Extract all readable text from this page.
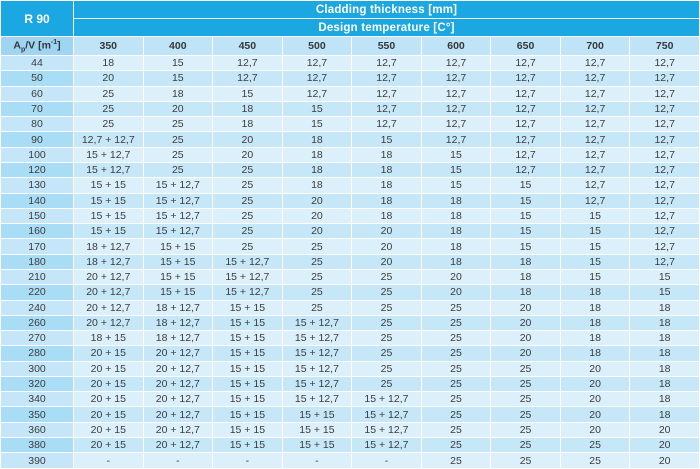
R 90	Cladding thickness [mm]								
	Design temperature [C°]								
$A_p/V$ $[m^{-1}]$	350	400	450	500	550	600	650	700	750
44	18	15	12,7	12,7	12,7	12,7	12,7	12,7	12,7
50	20	15	12,7	12,7	12,7	12,7	12,7	12,7	12,7
60	25	18	15	12,7	12,7	12,7	12,7	12,7	12,7
70	25	20	18	15	12,7	12,7	12,7	12,7	12,7
80	25	25	18	15	12,7	12,7	12,7	12,7	12,7
90	12,7 + 12,7	25	20	18	15	12,7	12,7	12,7	12,7
100	15 + 12,7	25	20	18	18	15	12,7	12,7	12,7
120	15 + 12,7	25	25	18	18	15	12,7	12,7	12,7
130	15 + 15	15 + 12,7	25	18	18	15	15	12,7	12,7
140	15 + 15	15 + 12,7	25	20	18	18	15	12,7	12,7
150	15 + 15	15 + 12,7	25	20	18	18	15	15	12,7
160	15 + 15	15 + 12,7	25	20	20	18	15	15	12,7
170	18 + 12,7	15 + 15	25	25	20	18	15	15	12,7
180	18 + 12,7	15 + 15	15 + 12,7	25	20	18	18	15	12,7
210	20 + 12,7	15 + 15	15 + 12,7	25	25	20	18	15	15
220	20 + 12,7	15 + 15	15 + 12,7	25	25	20	18	18	15
240	20 + 12,7	18 + 12,7	15 + 15	25	25	25	20	18	18
260	20 + 12,7	18 + 12,7	15 + 15	15 + 12,7	25	25	20	18	18
270	18 + 15	18 + 12,7	15 + 15	15 + 12,7	25	25	20	18	18
280	20 + 15	20 + 12,7	15 + 15	15 + 12,7	25	25	20	18	18
300	20 + 15	20 + 12,7	15 + 15	15 + 12,7	25	25	25	20	18
320	20 + 15	20 + 12,7	15 + 15	15 + 12,7	25	25	25	20	18
340	20 + 15	20 + 12,7	15 + 15	15 + 12,7	15 + 12,7	25	25	20	18
350	20 + 15	20 + 12,7	15 + 15	15 + 15	15 + 12,7	25	25	20	18
360	20 + 15	20 + 12,7	15 + 15	15 + 15	15 + 12,7	25	25	20	20
380	20 + 15	20 + 12,7	15 + 15	15 + 15	15 + 12,7	25	25	25	20
390	-	-	-	-	-	25	25	25	20
